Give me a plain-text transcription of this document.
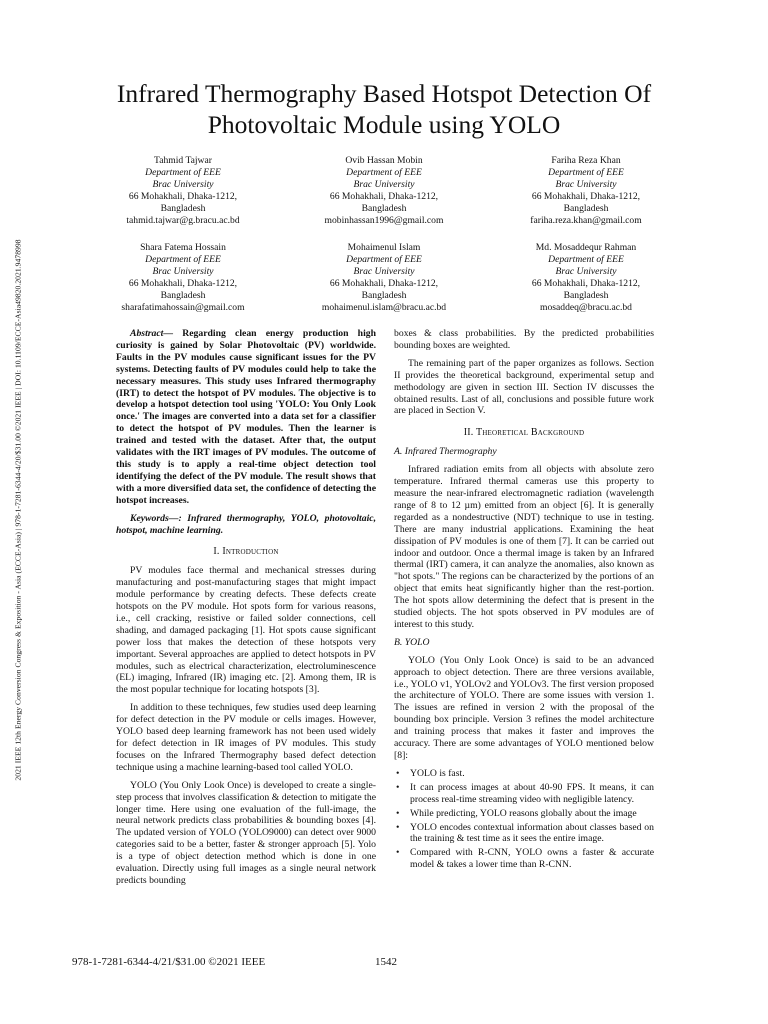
2021 IEEE 12th Energy Conversion Congress & Exposition - Asia (ECCE-Asia) | 978-1-7281-6344-4/20/$31.00 ©2021 IEEE | DOI: 10.1109/ECCE-Asia49820.2021.9478998
Infrared Thermography Based Hotspot Detection Of
Photovoltaic Module using YOLO
Tahmid Tajwar
Department of EEE
Brac University
66 Mohakhali, Dhaka-1212,
Bangladesh
tahmid.tajwar@g.bracu.ac.bd
Ovib Hassan Mobin
Department of EEE
Brac University
66 Mohakhali, Dhaka-1212,
Bangladesh
mobinhassan1996@gmail.com
Fariha Reza Khan
Department of EEE
Brac University
66 Mohakhali, Dhaka-1212,
Bangladesh
fariha.reza.khan@gmail.com
Shara Fatema Hossain
Department of EEE
Brac University
66 Mohakhali, Dhaka-1212,
Bangladesh
sharafatimahossain@gmail.com
Mohaimenul Islam
Department of EEE
Brac University
66 Mohakhali, Dhaka-1212,
Bangladesh
mohaimenul.islam@bracu.ac.bd
Md. Mosaddequr Rahman
Department of EEE
Brac University
66 Mohakhali, Dhaka-1212,
Bangladesh
mosaddeq@bracu.ac.bd

Abstract— Regarding clean energy production high curiosity is gained by Solar Photovoltaic (PV) worldwide. Faults in the PV modules cause significant issues for the PV systems. Detecting faults of PV modules could help to take the necessary measures. This study uses Infrared thermography (IRT) to detect the hotspot of PV modules. The objective is to develop a hotspot detection tool using 'YOLO: You Only Look once.' The images are converted into a data set for a classifier to detect the hotspot of PV modules. Then the learner is trained and tested with the dataset. After that, the output validates with the IRT images of PV modules. The outcome of this study is to apply a real-time object detection tool identifying the defect of the PV module. The result shows that with a more diversified data set, the confidence of detecting the hotspot increases.

Keywords—: Infrared thermography, YOLO, photovoltaic, hotspot, machine learning.

I. Introduction

PV modules face thermal and mechanical stresses during manufacturing and post-manufacturing stages that might impact module performance by creating defects. These defects create hotspots on the PV module. Hot spots form for various reasons, i.e., cell cracking, resistive or failed solder connections, cell shading, and damaged packaging [1]. Hot spots cause significant power loss that makes the detection of these hotspots very important. Several approaches are applied to detect hotspots in PV modules, such as electrical characterization, electroluminescence (EL) imaging, Infrared (IR) imaging etc. [2]. Among them, IR is the most popular technique for locating hotspots [3].

In addition to these techniques, few studies used deep learning for defect detection in the PV module or cells images. However, YOLO based deep learning framework has not been used widely for defect detection in IR images of PV modules. This study focuses on the Infrared Thermography based defect detection technique using a machine learning-based tool called YOLO.

YOLO (You Only Look Once) is developed to create a single-step process that involves classification & detection to mitigate the longer time. Here using one evaluation of the full-image, the neural network predicts class probabilities & bounding boxes [4]. The updated version of YOLO (YOLO9000) can detect over 9000 categories said to be a better, faster & stronger approach [5]. Yolo is a type of object detection method which is done in one evaluation. Directly using full images as a single neural network predicts bounding

boxes & class probabilities. By the predicted probabilities bounding boxes are weighted.

The remaining part of the paper organizes as follows. Section II provides the theoretical background, experimental setup and methodology are given in section III. Section IV discusses the obtained results. Last of all, conclusions and possible future work are placed in Section V.

II. Theoretical Background

A. Infrared Thermography

Infrared radiation emits from all objects with absolute zero temperature. Infrared thermal cameras use this property to measure the near-infrared electromagnetic radiation (wavelength range of 8 to 12 µm) emitted from an object [6]. It is generally regarded as a nondestructive (NDT) technique to use in testing. There are many industrial applications. Examining the heat dissipation of PV modules is one of them [7]. It can be carried out indoor and outdoor. Once a thermal image is taken by an Infrared thermal (IRT) camera, it can analyze the anomalies, also known as "hot spots." The regions can be characterized by the portions of an object that emits heat significantly higher than the rest-portion. The hot spots allow determining the defect that is present in the studied objects. The hot spots observed in PV modules are of interest to this study.

B. YOLO

YOLO (You Only Look Once) is said to be an advanced approach to object detection. There are three versions available, i.e., YOLO v1, YOLOv2 and YOLOv3. The first version proposed the architecture of YOLO. There are some issues with version 1. The issues are refined in version 2 with the proposal of the bounding box principle. Version 3 refines the model architecture and training process that makes it faster and improves the accuracy. There are some advantages of YOLO mentioned below [8]:

• YOLO is fast.
• It can process images at about 40-90 FPS. It means, it can process real-time streaming video with negligible latency.
• While predicting, YOLO reasons globally about the image
• YOLO encodes contextual information about classes based on the training & test time as it sees the entire image.
• Compared with R-CNN, YOLO owns a faster & accurate model & takes a lower time than R-CNN.
978-1-7281-6344-4/21/$31.00 ©2021 IEEE	1542
